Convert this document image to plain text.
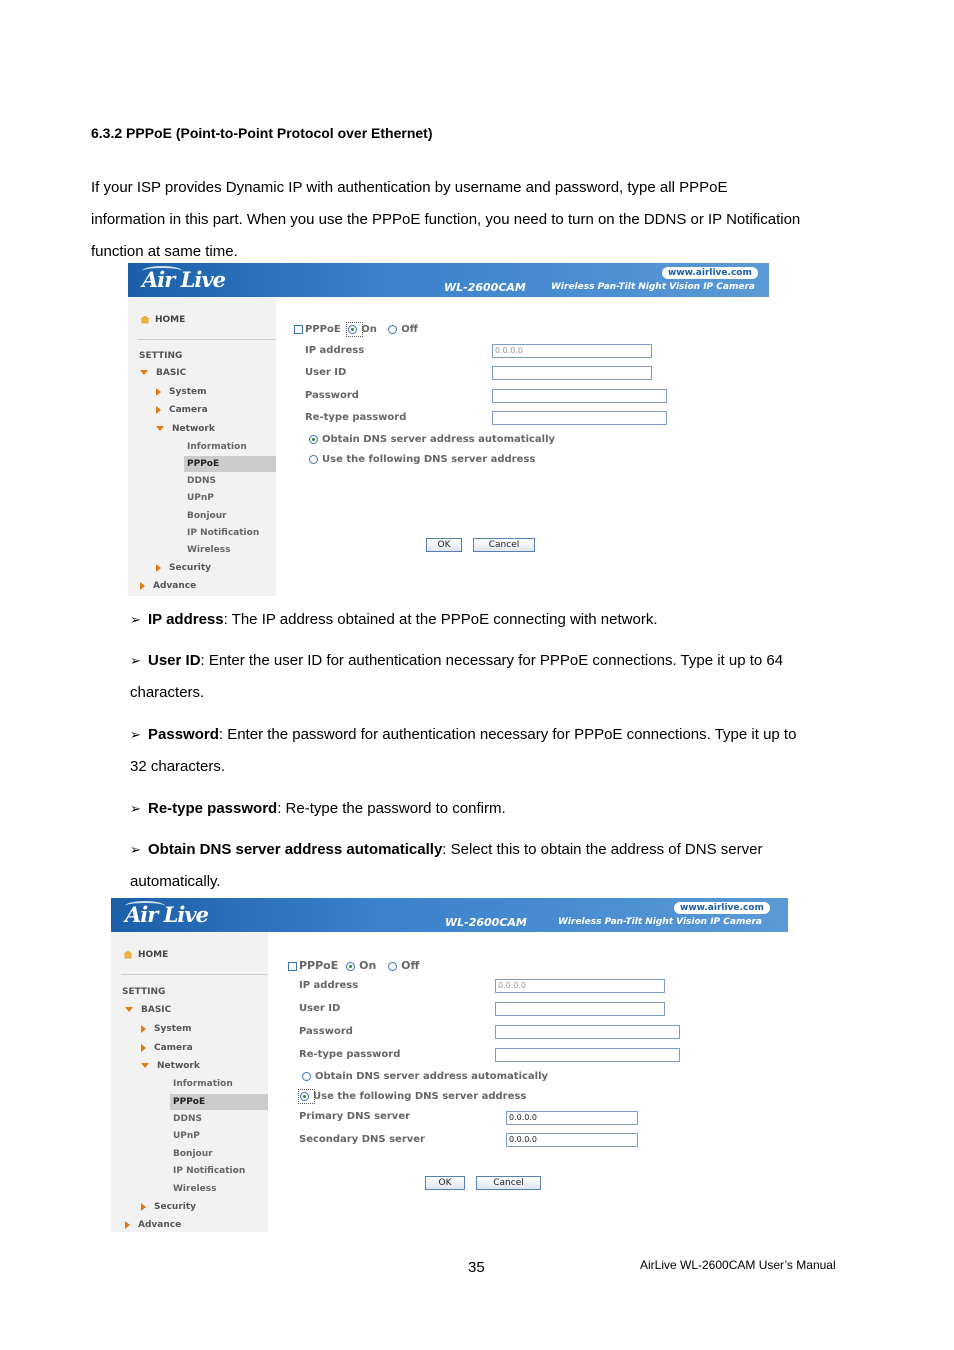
6.3.2 PPPoE (Point-to-Point Protocol over Ethernet)
If your ISP provides Dynamic IP with authentication by username and password, type all PPPoE
information in this part. When you use the PPPoE function, you need to turn on the DDNS or IP Notification
function at same time.
Air Live	WL-2600CAM	Wireless Pan-Tilt Night Vision IP Camera
www.airlive.com
HOME
SETTING
BASIC
System
Camera
Network
Information
PPPoE
DDNS
UPnP
Bonjour
IP Notification
Wireless
Security
Advance
PPPoE On Off
IP address	0.0.0.0
User ID
Password
Re-type password
Obtain DNS server address automatically
Use the following DNS server address
OK	Cancel
➢ IP address: The IP address obtained at the PPPoE connecting with network.
➢ User ID: Enter the user ID for authentication necessary for PPPoE connections. Type it up to 64
characters.
➢ Password: Enter the password for authentication necessary for PPPoE connections. Type it up to
32 characters.
➢ Re-type password: Re-type the password to confirm.
➢ Obtain DNS server address automatically: Select this to obtain the address of DNS server
automatically.
Air Live	WL-2600CAM	Wireless Pan-Tilt Night Vision IP Camera
www.airlive.com
HOME
SETTING
BASIC
System
Camera
Network
Information
PPPoE
DDNS
UPnP
Bonjour
IP Notification
Wireless
Security
Advance
PPPoE On Off
IP address	0.0.0.0
User ID
Password
Re-type password
Obtain DNS server address automatically
Use the following DNS server address
Primary DNS server	0.0.0.0
Secondary DNS server	0.0.0.0
OK	Cancel
35	AirLive WL-2600CAM User’s Manual
